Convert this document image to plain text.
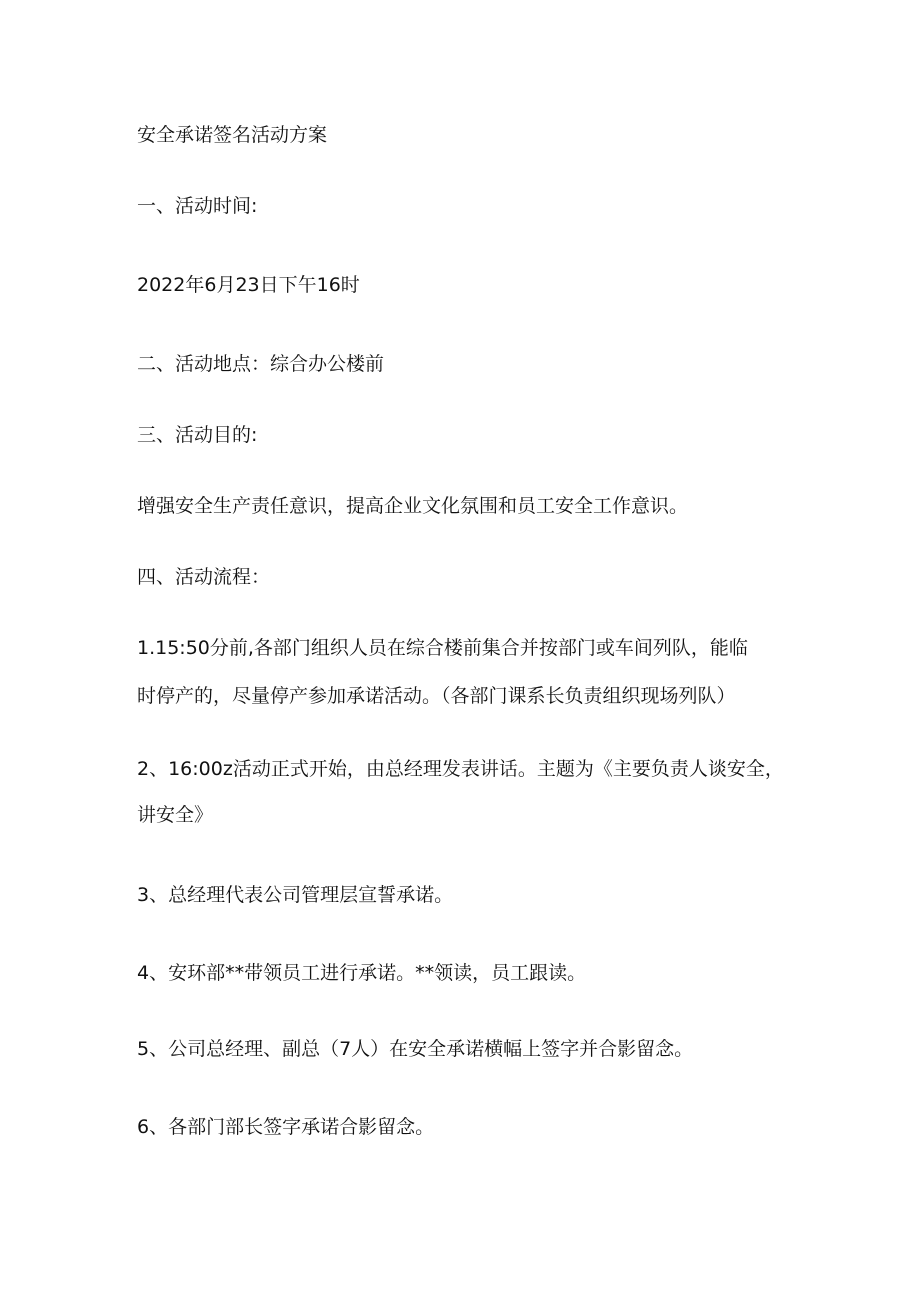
安全承诺签名活动方案
一、活动时间:
2022年6月23日下午16时
二、活动地点：综合办公楼前
三、活动目的:
增强安全生产责任意识，提高企业文化氛围和员工安全工作意识。
四、活动流程：
1.15:50分前,各部门组织人员在综合楼前集合并按部门或车间列队，能临
时停产的，尽量停产参加承诺活动。（各部门课系长负责组织现场列队）
2、16:00z活动正式开始，由总经理发表讲话。主题为《主要负责人谈安全，
讲安全》
3、总经理代表公司管理层宣誓承诺。
4、安环部**带领员工进行承诺。**领读，员工跟读。
5、公司总经理、副总（7人）在安全承诺横幅上签字并合影留念。
6、各部门部长签字承诺合影留念。
